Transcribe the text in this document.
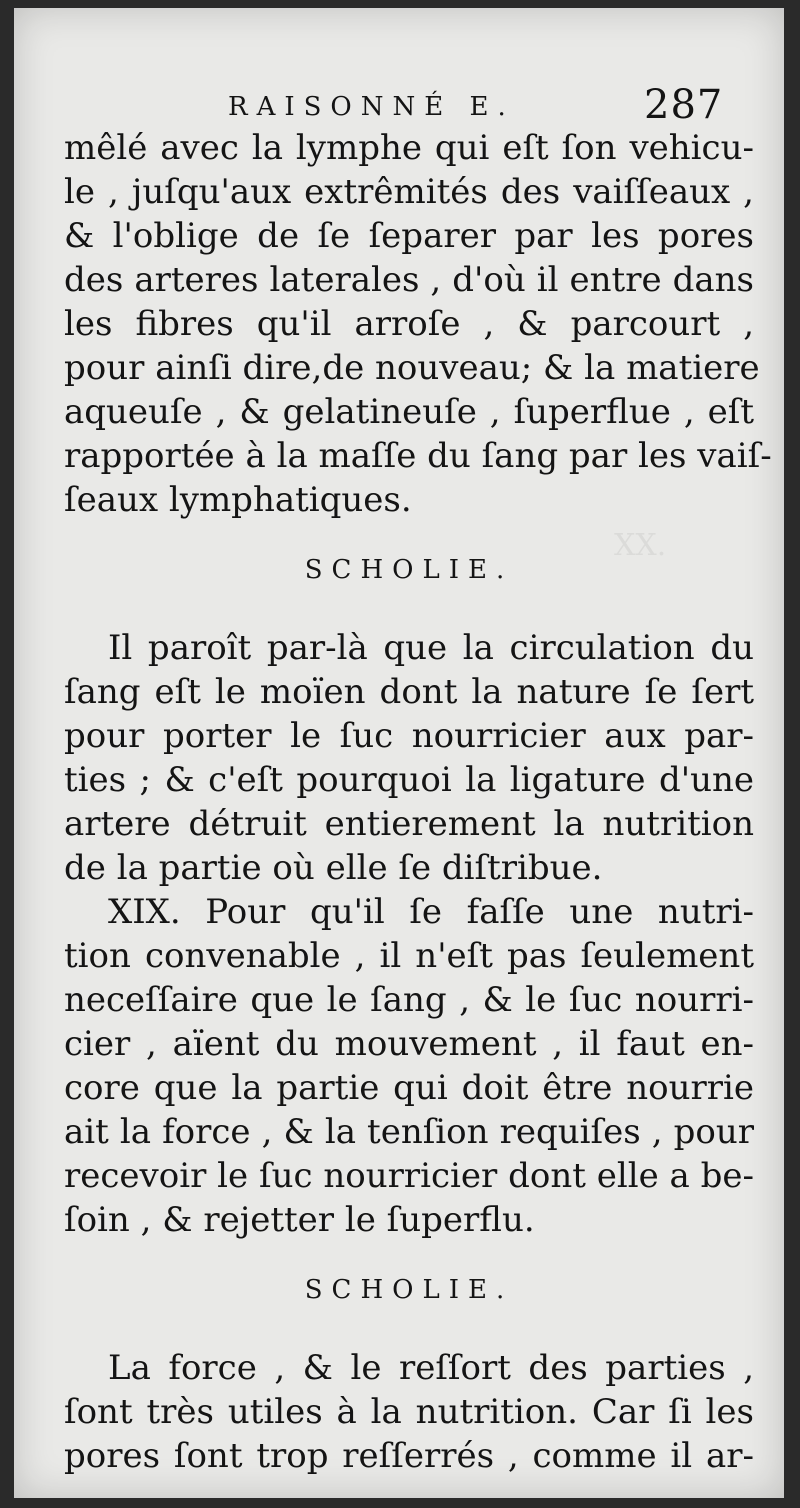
XX.
RAISONNÉ E.	287
mêlé avec la lymphe qui eſt ſon vehicu-
le , juſqu'aux extrêmités des vaiſſeaux ,
& l'oblige de ſe ſeparer par les pores
des arteres laterales , d'où il entre dans
les fibres qu'il arroſe , & parcourt ,
pour ainſi dire,de nouveau; & la matiere
aqueuſe , & gelatineuſe , ſuperflue , eſt
rapportée à la maſſe du ſang par les vaiſ-
ſeaux lymphatiques.
SCHOLIE.
Il paroît par-là que la circulation du
ſang eſt le moïen dont la nature ſe ſert
pour porter le ſuc nourricier aux par-
ties ; & c'eſt pourquoi la ligature d'une
artere détruit entierement la nutrition
de la partie où elle ſe diſtribue.
XIX. Pour qu'il ſe faſſe une nutri-
tion convenable , il n'eſt pas ſeulement
neceſſaire que le ſang , & le ſuc nourri-
cier , aïent du mouvement , il faut en-
core que la partie qui doit être nourrie
ait la force , & la tenſion requiſes , pour
recevoir le ſuc nourricier dont elle a be-
ſoin , & rejetter le ſuperflu.
SCHOLIE.
La force , & le reſſort des parties ,
ſont très utiles à la nutrition. Car ſi les
pores ſont trop reſſerrés , comme il ar-
